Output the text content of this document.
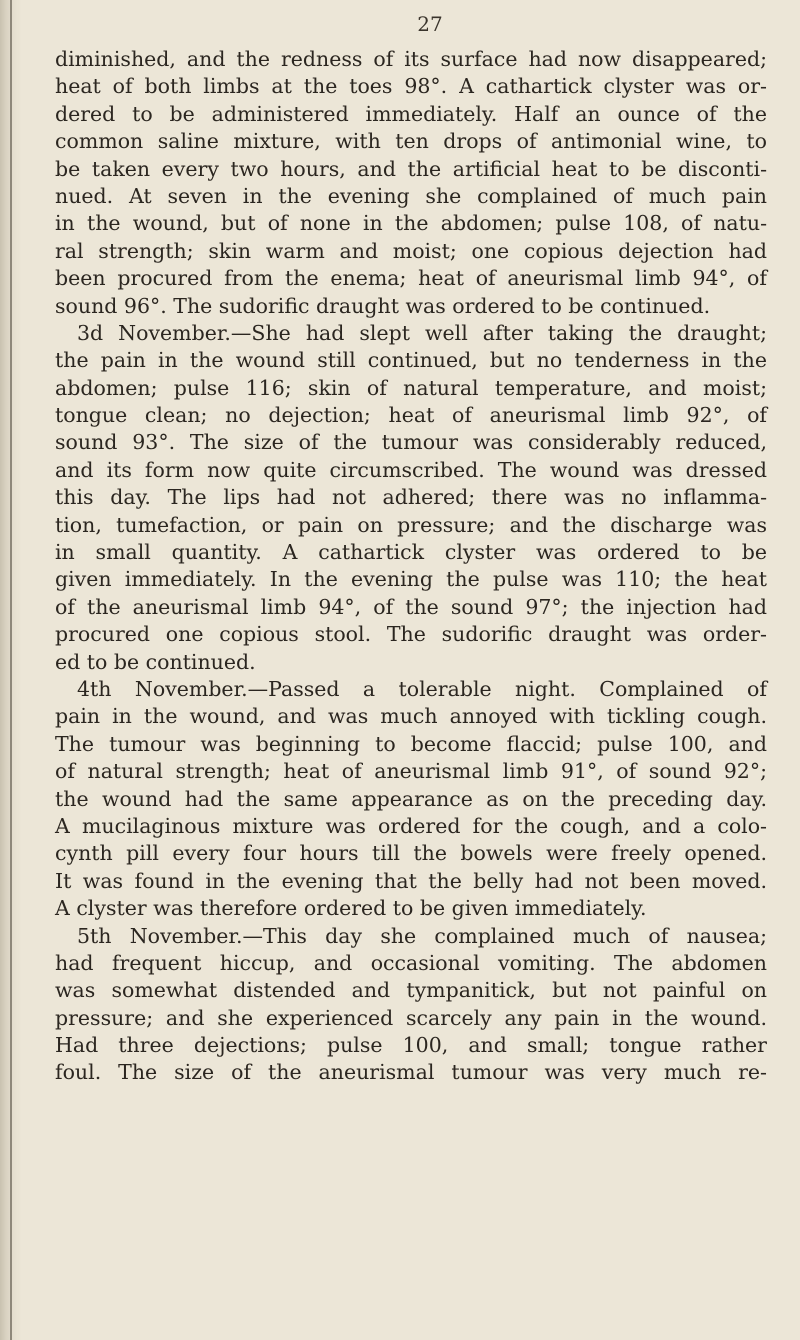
27
diminished, and the redness of its surface had now disappeared;
heat of both limbs at the toes 98°. A cathartick clyster was or-
dered to be administered immediately. Half an ounce of the
common saline mixture, with ten drops of antimonial wine, to
be taken every two hours, and the artificial heat to be disconti-
nued. At seven in the evening she complained of much pain
in the wound, but of none in the abdomen; pulse 108, of natu-
ral strength; skin warm and moist; one copious dejection had
been procured from the enema; heat of aneurismal limb 94°, of
sound 96°. The sudorific draught was ordered to be continued.
3d November.—She had slept well after taking the draught;
the pain in the wound still continued, but no tenderness in the
abdomen; pulse 116; skin of natural temperature, and moist;
tongue clean; no dejection; heat of aneurismal limb 92°, of
sound 93°. The size of the tumour was considerably reduced,
and its form now quite circumscribed. The wound was dressed
this day. The lips had not adhered; there was no inflamma-
tion, tumefaction, or pain on pressure; and the discharge was
in small quantity. A cathartick clyster was ordered to be
given immediately. In the evening the pulse was 110; the heat
of the aneurismal limb 94°, of the sound 97°; the injection had
procured one copious stool. The sudorific draught was order-
ed to be continued.
4th November.—Passed a tolerable night. Complained of
pain in the wound, and was much annoyed with tickling cough.
The tumour was beginning to become flaccid; pulse 100, and
of natural strength; heat of aneurismal limb 91°, of sound 92°;
the wound had the same appearance as on the preceding day.
A mucilaginous mixture was ordered for the cough, and a colo-
cynth pill every four hours till the bowels were freely opened.
It was found in the evening that the belly had not been moved.
A clyster was therefore ordered to be given immediately.
5th November.—This day she complained much of nausea;
had frequent hiccup, and occasional vomiting. The abdomen
was somewhat distended and tympanitick, but not painful on
pressure; and she experienced scarcely any pain in the wound.
Had three dejections; pulse 100, and small; tongue rather
foul. The size of the aneurismal tumour was very much re-
